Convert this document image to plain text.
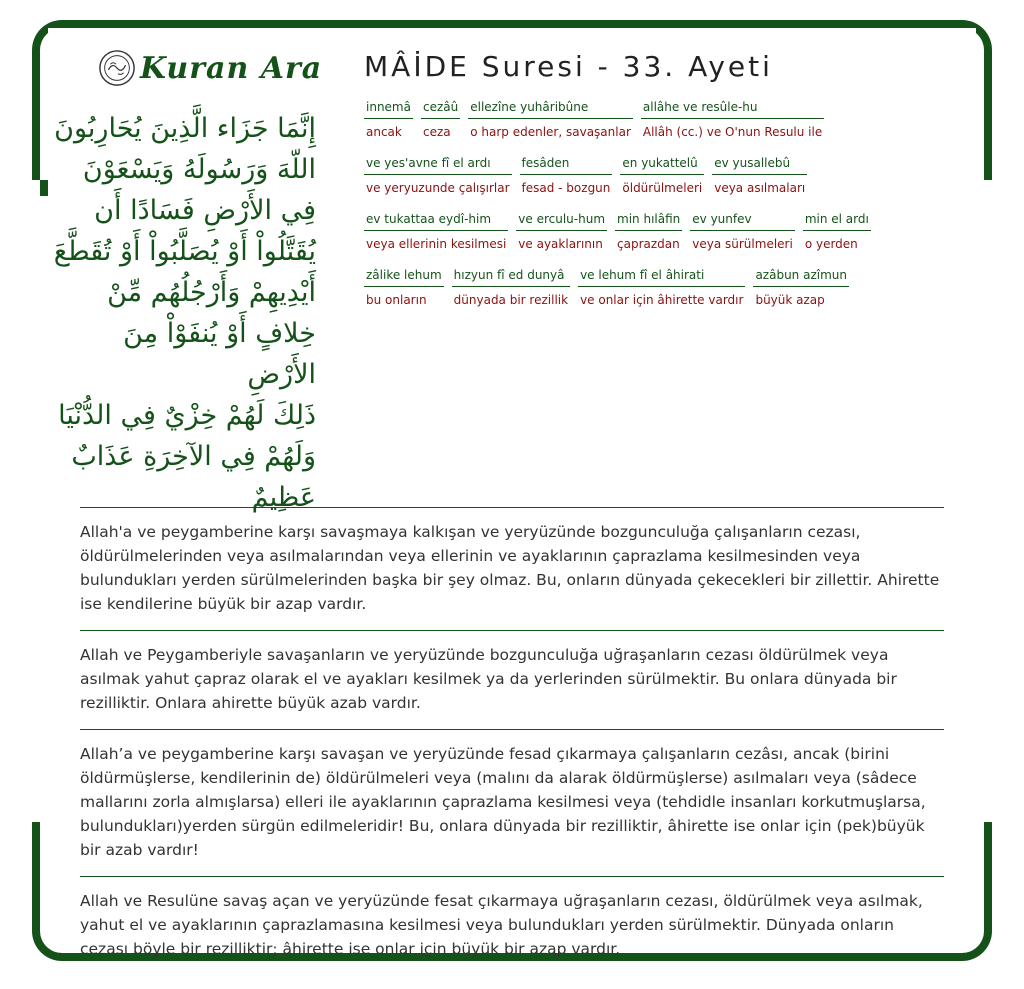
Kuran Ara
إِنَّمَا جَزَاء الَّذِينَ يُحَارِبُونَ
اللّهَ وَرَسُولَهُ وَيَسْعَوْنَ
فِي الأَرْضِ فَسَادًا أَن
يُقَتَّلُواْ أَوْ يُصَلَّبُواْ أَوْ تُقَطَّعَ
أَيْدِيهِمْ وَأَرْجُلُهُم مِّنْ
خِلافٍ أَوْ يُنفَوْاْ مِنَ الأَرْضِ
ذَلِكَ لَهُمْ خِزْيٌ فِي الدُّنْيَا
وَلَهُمْ فِي الآخِرَةِ عَذَابٌ
عَظِيمٌ
MÂİDE Suresi - 33. Ayeti
innemâ
ancak
cezâû
ceza
ellezîne yuhâribûne
o harp edenler, savaşanlar
allâhe ve resûle-hu
Allâh (cc.) ve O'nun Resulu ile
ve yes'avne fî el ardı
ve yeryuzunde çalışırlar
fesâden
fesad - bozgun
en yukattelû
öldürülmeleri
ev yusallebû
veya asılmaları
ev tukattaa eydî-him
veya ellerinin kesilmesi
ve erculu-hum
ve ayaklarının
min hılâfin
çaprazdan
ev yunfev
veya sürülmeleri
min el ardı
o yerden
zâlike lehum
bu onların
hızyun fî ed dunyâ
dünyada bir rezillik
ve lehum fî el âhirati
ve onlar için âhirette vardır
azâbun azîmun
büyük azap
Allah'a ve peygamberine karşı savaşmaya kalkışan ve yeryüzünde bozgunculuğa çalışanların cezası, öldürülmelerinden veya asılmalarından veya ellerinin ve ayaklarının çaprazlama kesilmesinden veya bulundukları yerden sürülmelerinden başka bir şey olmaz. Bu, onların dünyada çekecekleri bir zillettir. Ahirette ise kendilerine büyük bir azap vardır.
Allah ve Peygamberiyle savaşanların ve yeryüzünde bozgunculuğa uğraşanların cezası öldürülmek veya asılmak yahut çapraz olarak el ve ayakları kesilmek ya da yerlerinden sürülmektir. Bu onlara dünyada bir rezilliktir. Onlara ahirette büyük azab vardır.
Allah’a ve peygamberine karşı savaşan ve yeryüzünde fesad çıkarmaya çalışanların cezâsı, ancak (birini öldürmüşlerse, kendilerinin de) öldürülmeleri veya (malını da alarak öldürmüşlerse) asılmaları veya (sâdece mallarını zorla almışlarsa) elleri ile ayaklarının çaprazlama kesilmesi veya (tehdidle insanları korkutmuşlarsa, bulundukları)yerden sürgün edilmeleridir! Bu, onlara dünyada bir rezilliktir, âhirette ise onlar için (pek)büyük bir azab vardır!
Allah ve Resulüne savaş açan ve yeryüzünde fesat çıkarmaya uğraşanların cezası, öldürülmek veya asılmak, yahut el ve ayaklarının çaprazlamasına kesilmesi veya bulundukları yerden sürülmektir. Dünyada onların cezası böyle bir rezilliktir; âhirette ise onlar için büyük bir azap vardır.
